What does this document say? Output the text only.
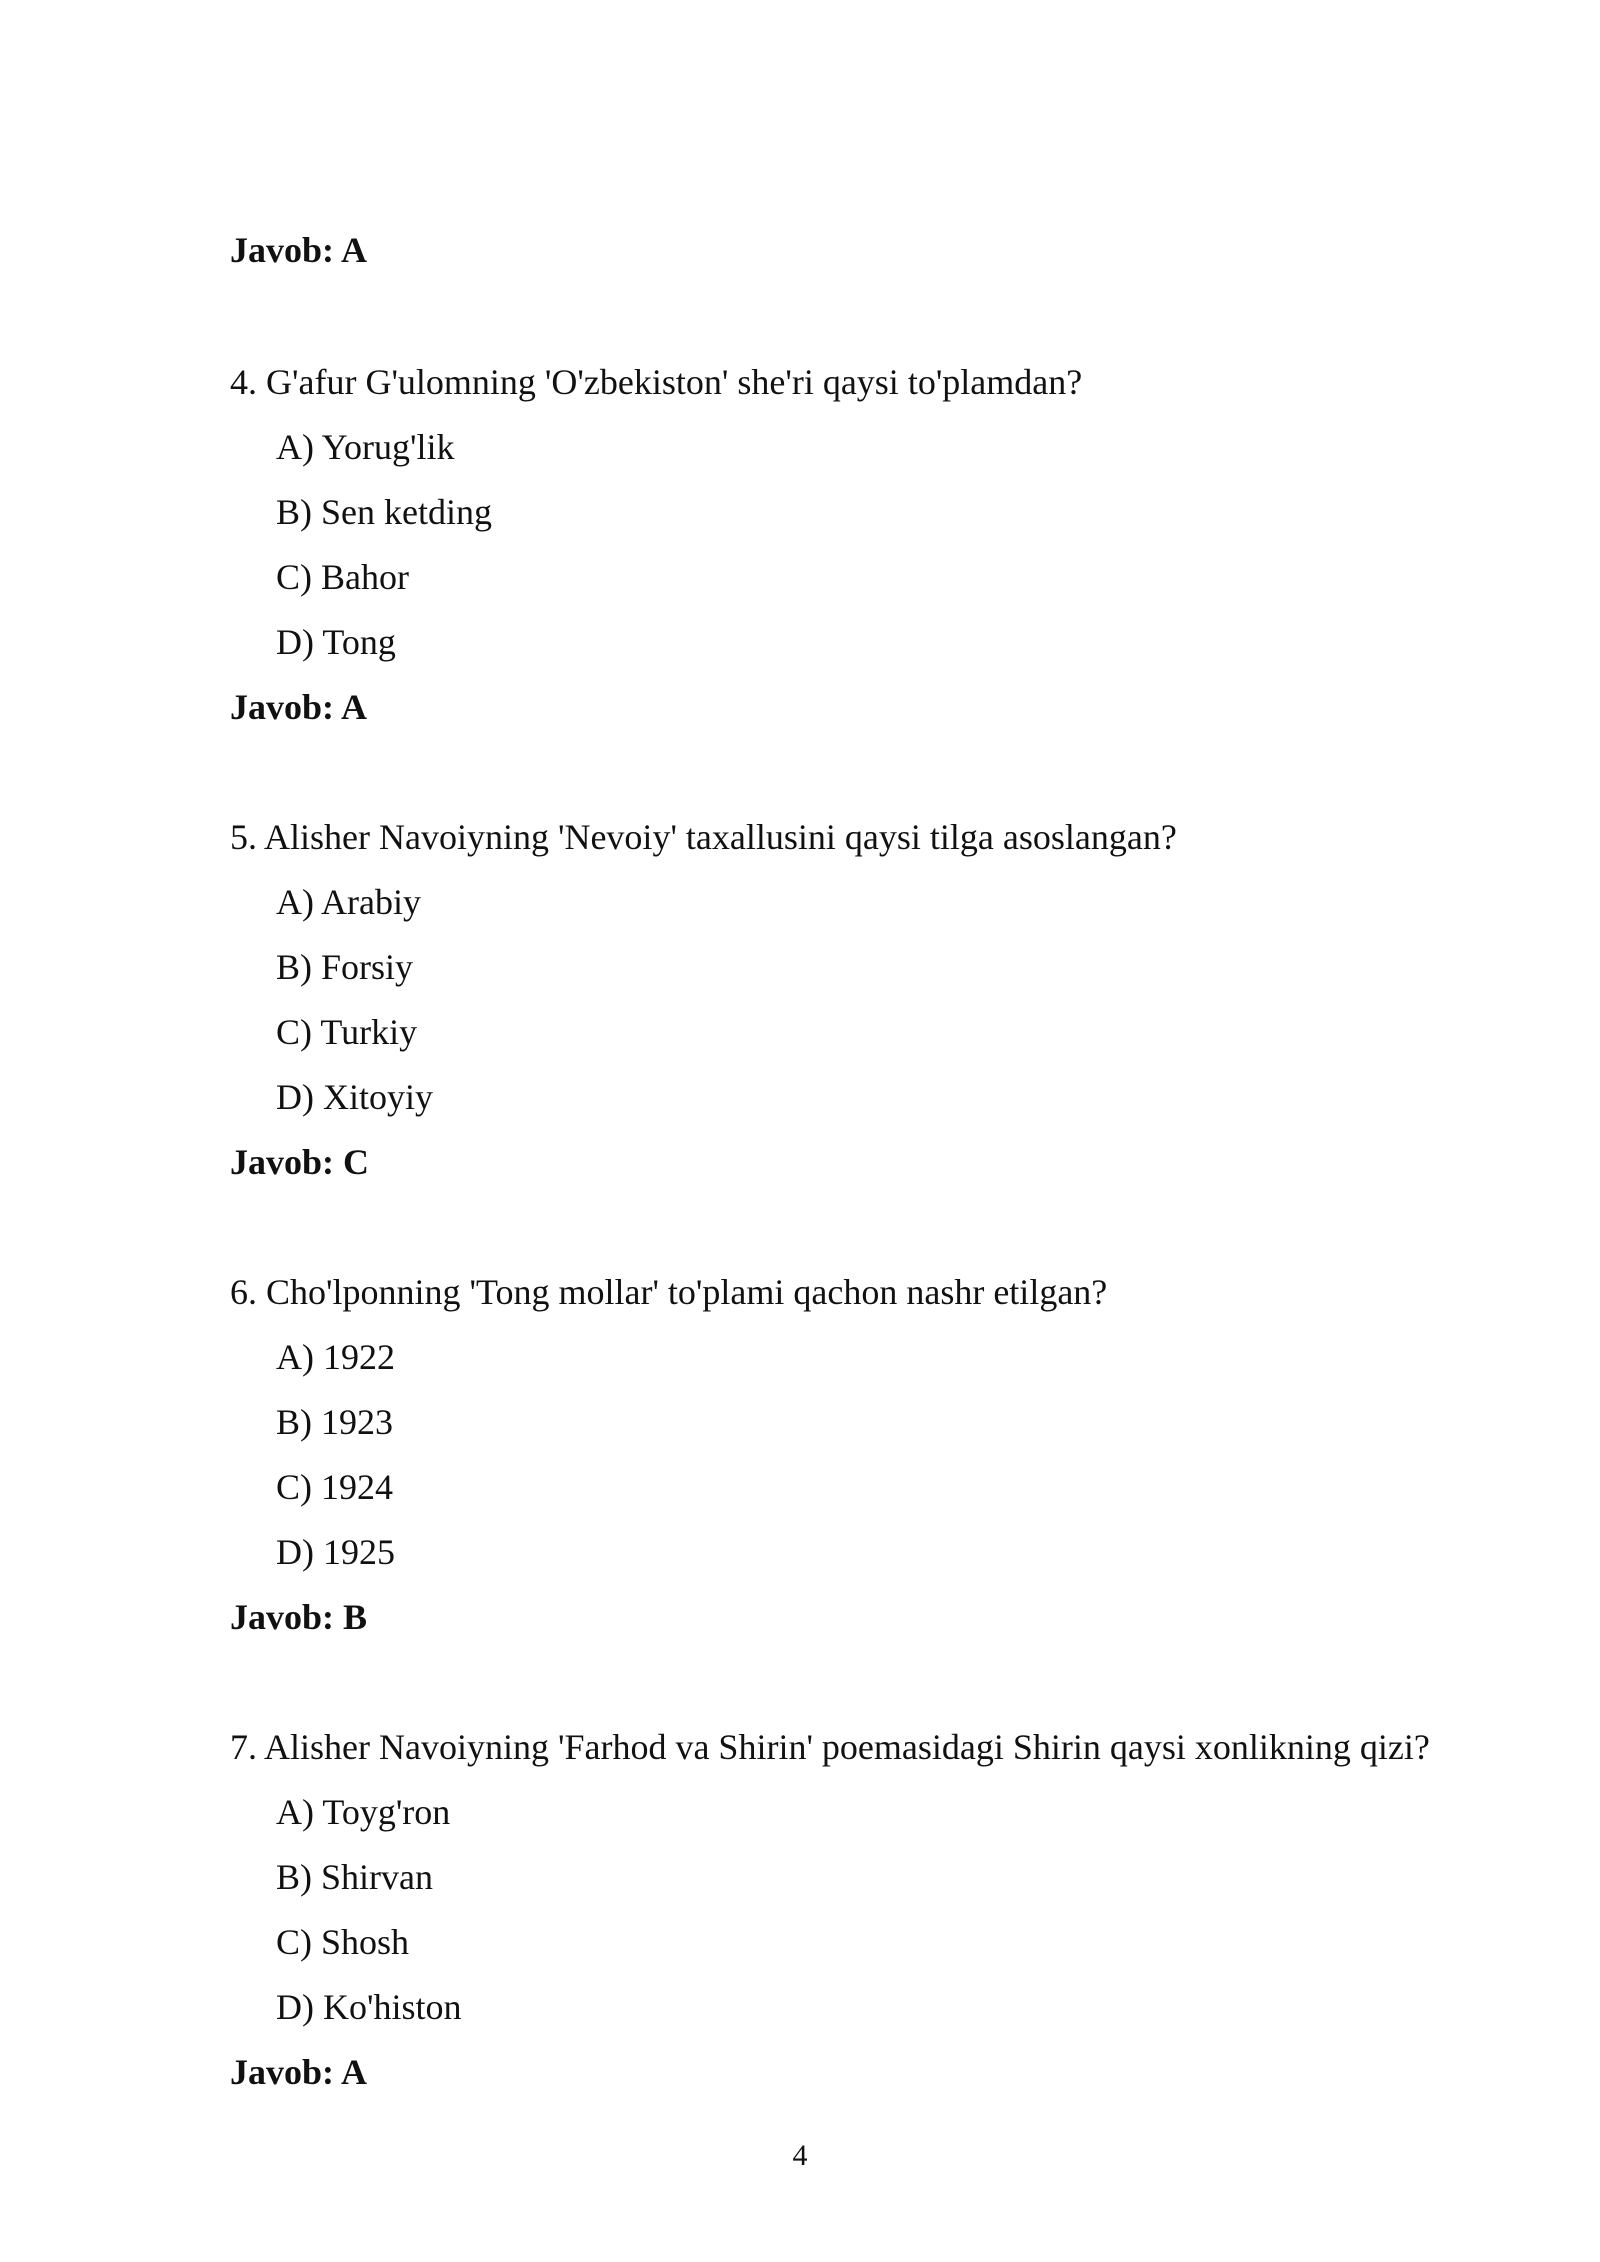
Javob: A
4. G'afur G'ulomning 'O'zbekiston' she'ri qaysi to'plamdan?
A) Yorug'lik
B) Sen ketding
C) Bahor
D) Tong
Javob: A
5. Alisher Navoiyning 'Nevoiy' taxallusini qaysi tilga asoslangan?
A) Arabiy
B) Forsiy
C) Turkiy
D) Xitoyiy
Javob: C
6. Cho'lponning 'Tong mollar' to'plami qachon nashr etilgan?
A) 1922
B) 1923
C) 1924
D) 1925
Javob: B
7. Alisher Navoiyning 'Farhod va Shirin' poemasidagi Shirin qaysi xonlikning qizi?
A) Toyg'ron
B) Shirvan
C) Shosh
D) Ko'histon
Javob: A
4
